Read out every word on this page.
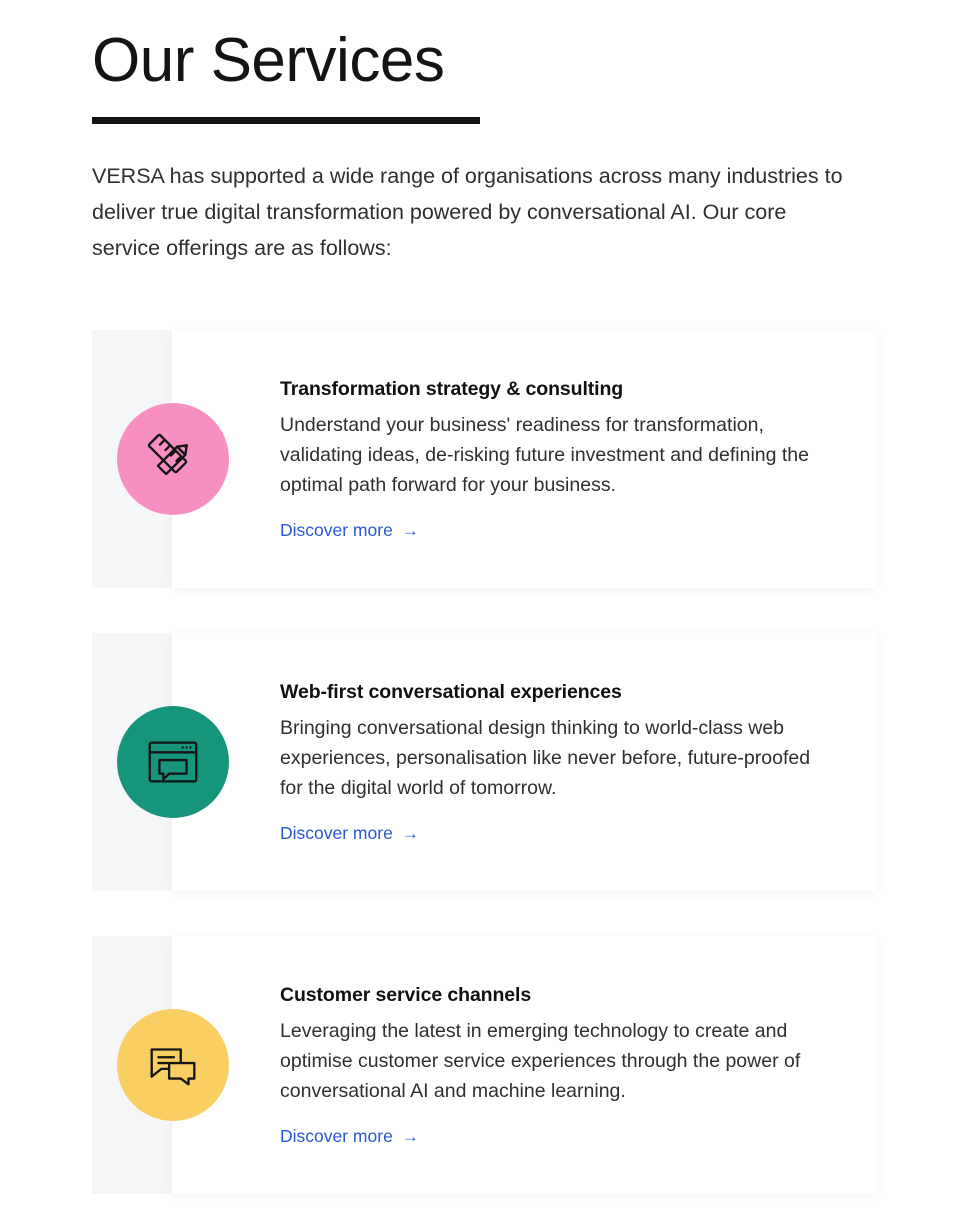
Our Services

VERSA has supported a wide range of organisations across many industries to deliver true digital transformation powered by conversational AI. Our core service offerings are as follows:

Transformation strategy & consulting

Understand your business' readiness for transformation, validating ideas, de-risking future investment and defining the optimal path forward for your business.

Discover more →
Web-first conversational experiences

Bringing conversational design thinking to world-class web experiences, personalisation like never before, future-proofed for the digital world of tomorrow.

Discover more →
Customer service channels

Leveraging the latest in emerging technology to create and optimise customer service experiences through the power of conversational AI and machine learning.

Discover more →
